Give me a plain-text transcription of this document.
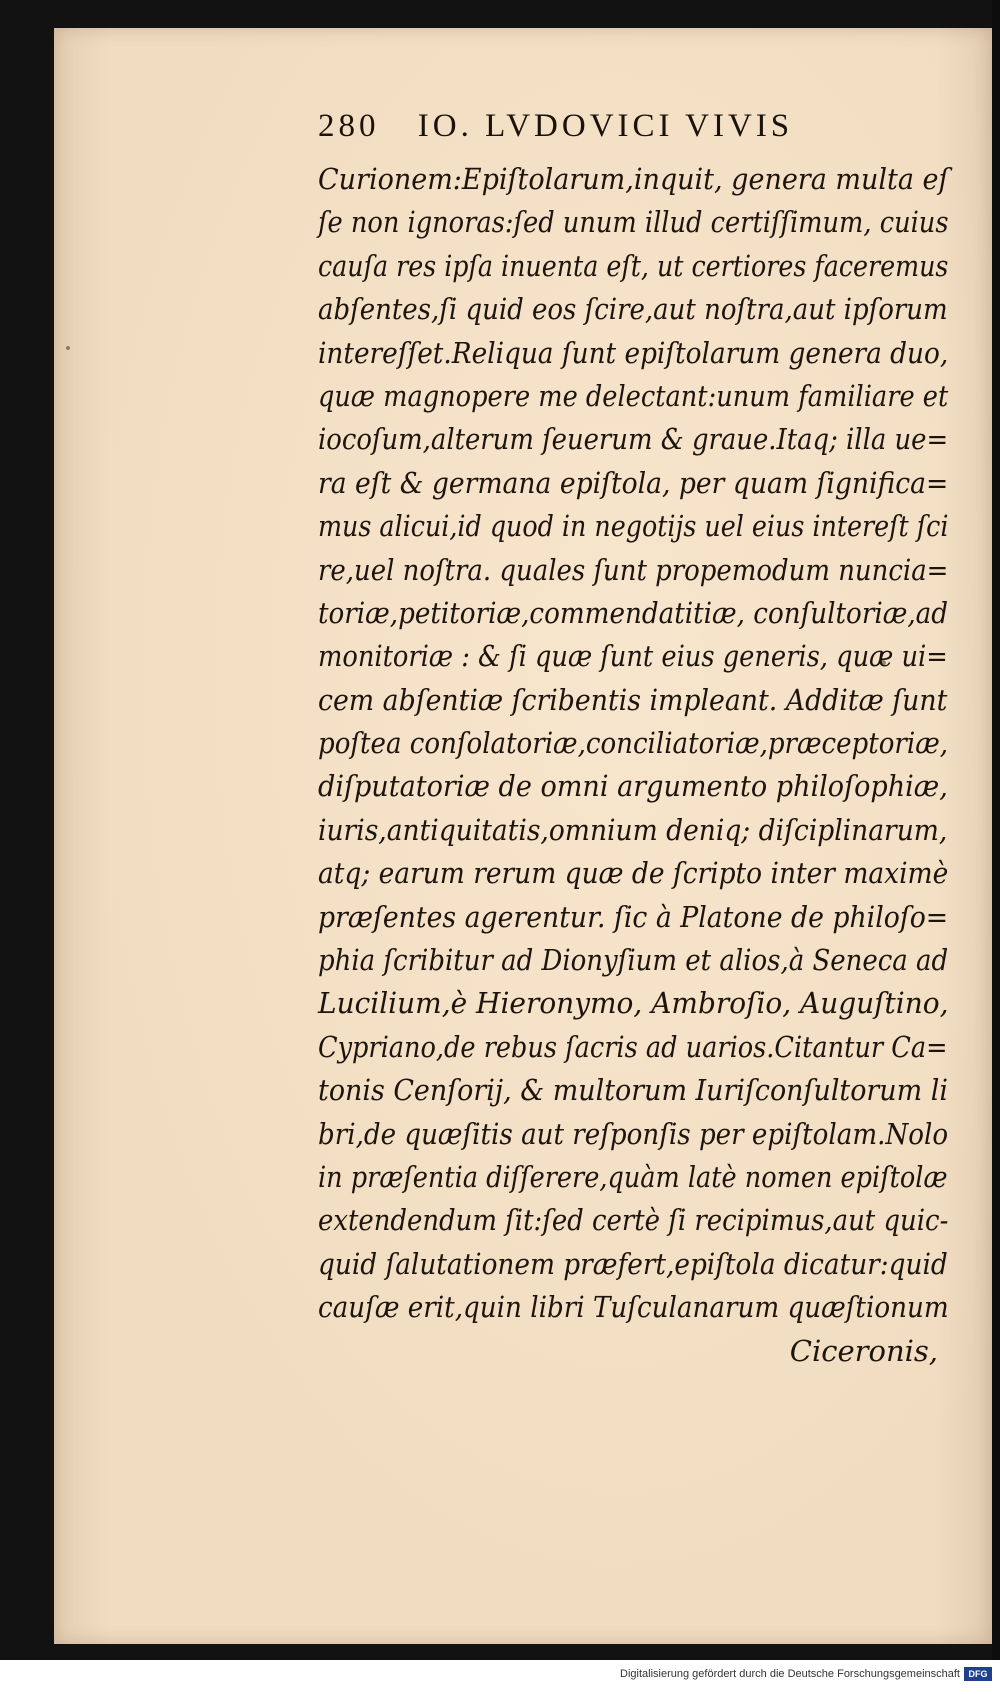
280 IO. LVDOVICI VIVIS
Curionem:Epiſtolarum,inquit, genera multa eſ
ſe non ignoras:ſed unum illud certiſſimum, cuius
cauſa res ipſa inuenta eſt, ut certiores faceremus
abſentes,ſi quid eos ſcire,aut noſtra,aut ipſorum
intereſſet.Reliqua ſunt epiſtolarum genera duo,
quæ magnopere me delectant:unum familiare et
iocoſum,alterum ſeuerum & graue.Itaq; illa ue=
ra eſt & germana epiſtola, per quam ſignifica=
mus alicui,id quod in negotijs uel eius intereſt ſci
re,uel noſtra. quales ſunt propemodum nuncia=
toriæ,petitoriæ,commendatitiæ, conſultoriæ,ad
monitoriæ : & ſi quæ ſunt eius generis, quæ ui=
cem abſentiæ ſcribentis impleant. Additæ ſunt
poſtea conſolatoriæ,conciliatoriæ,præceptoriæ,
diſputatoriæ de omni argumento philoſophiæ,
iuris,antiquitatis,omnium deniq; diſciplinarum,
atq; earum rerum quæ de ſcripto inter maximè
præſentes agerentur. ſic à Platone de philoſo=
phia ſcribitur ad Dionyſium et alios,à Seneca ad
Lucilium,è Hieronymo, Ambroſio, Auguſtino,
Cypriano,de rebus ſacris ad uarios.Citantur Ca=
tonis Cenſorij, & multorum Iuriſconſultorum li
bri,de quæſitis aut reſponſis per epiſtolam.Nolo
in præſentia diſſerere,quàm latè nomen epiſtolæ
extendendum ſit:ſed certè ſi recipimus,aut quic-
quid ſalutationem præfert,epiſtola dicatur:quid
cauſæ erit,quin libri Tuſculanarum quæſtionum
Ciceronis,
Digitalisierung gefördert durch die Deutsche Forschungsgemeinschaft DFG
